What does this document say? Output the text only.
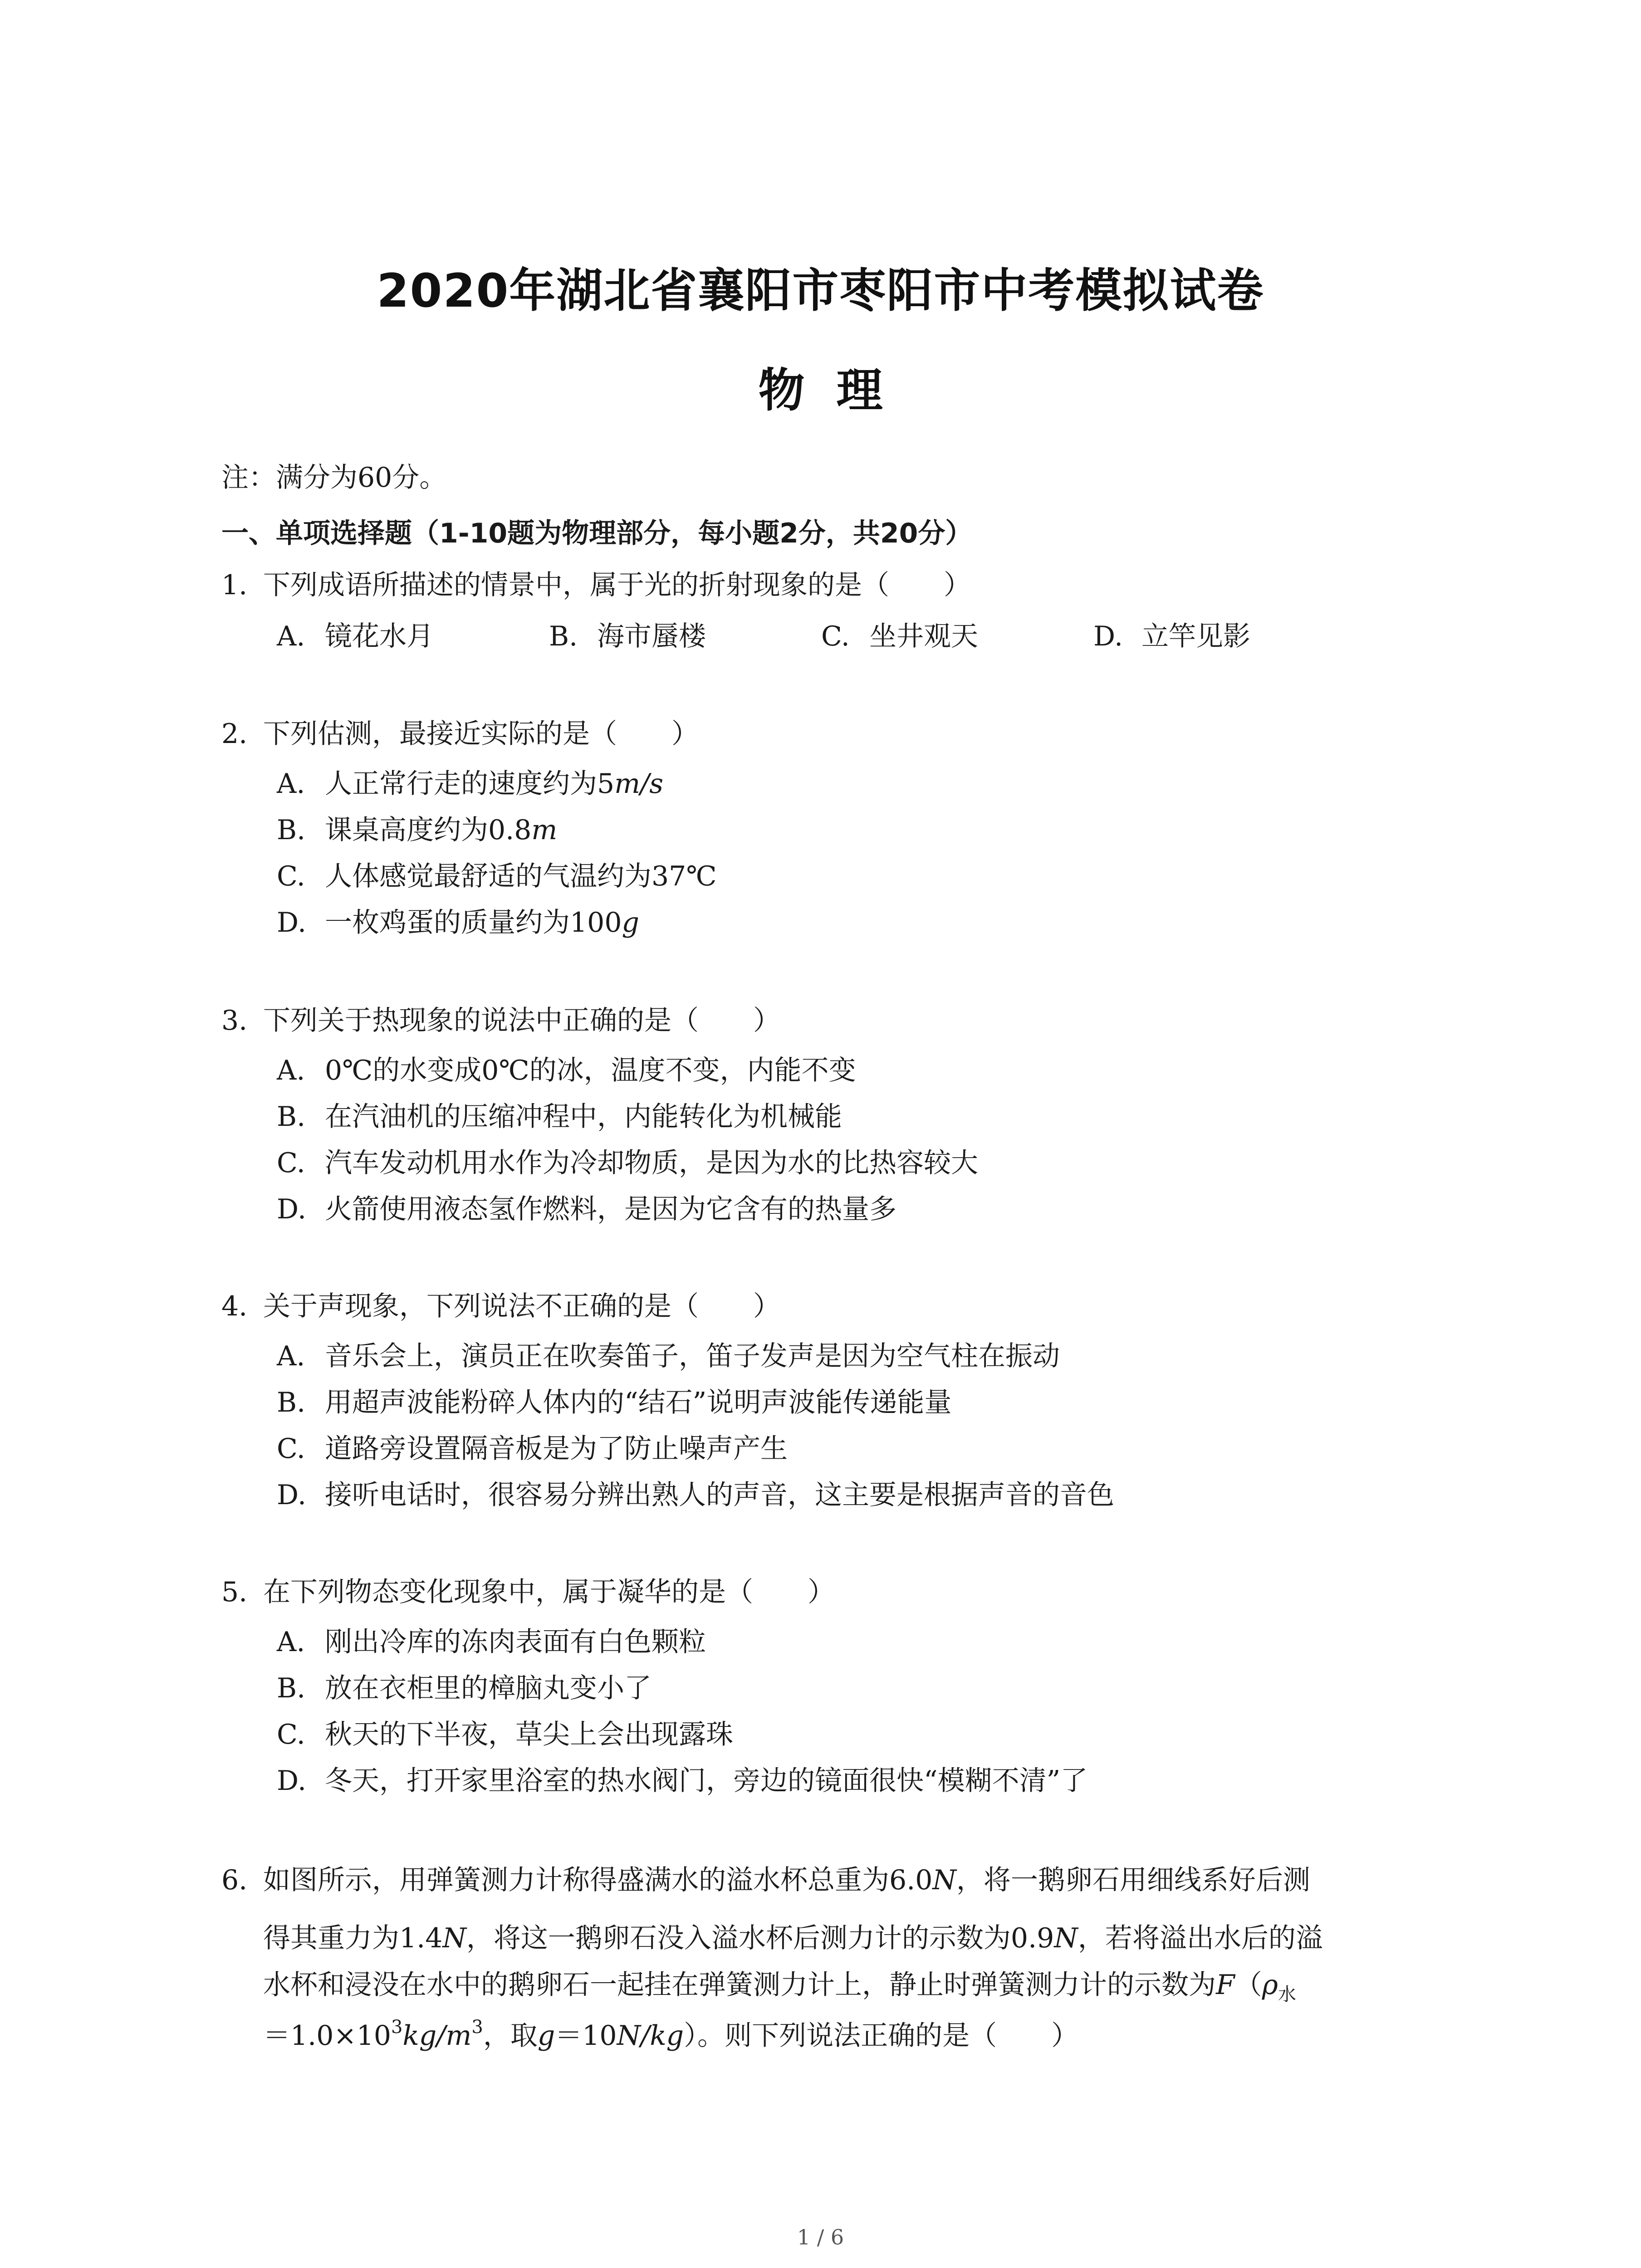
2020年湖北省襄阳市枣阳市中考模拟试卷
物理
注：满分为60分。
一、单项选择题（1-10题为物理部分，每小题2分，共20分）
1. 下列成语所描述的情景中，属于光的折射现象的是（ ）
A. 镜花水月	B. 海市蜃楼	C. 坐井观天	D. 立竿见影
2. 下列估测，最接近实际的是（ ）
A. 人正常行走的速度约为5m/s
B. 课桌高度约为0.8m
C. 人体感觉最舒适的气温约为37℃
D. 一枚鸡蛋的质量约为100g
3. 下列关于热现象的说法中正确的是（ ）
A. 0℃的水变成0℃的冰，温度不变，内能不变
B. 在汽油机的压缩冲程中，内能转化为机械能
C. 汽车发动机用水作为冷却物质，是因为水的比热容较大
D. 火箭使用液态氢作燃料，是因为它含有的热量多
4. 关于声现象，下列说法不正确的是（ ）
A. 音乐会上，演员正在吹奏笛子，笛子发声是因为空气柱在振动
B. 用超声波能粉碎人体内的“结石”说明声波能传递能量
C. 道路旁设置隔音板是为了防止噪声产生
D. 接听电话时，很容易分辨出熟人的声音，这主要是根据声音的音色
5. 在下列物态变化现象中，属于凝华的是（ ）
A. 刚出冷库的冻肉表面有白色颗粒
B. 放在衣柜里的樟脑丸变小了
C. 秋天的下半夜，草尖上会出现露珠
D. 冬天，打开家里浴室的热水阀门，旁边的镜面很快“模糊不清”了
6. 如图所示，用弹簧测力计称得盛满水的溢水杯总重为6.0N，将一鹅卵石用细线系好后测
得其重力为1.4N，将这一鹅卵石没入溢水杯后测力计的示数为0.9N，若将溢出水后的溢
水杯和浸没在水中的鹅卵石一起挂在弹簧测力计上，静止时弹簧测力计的示数为$F(\rho_水$
$=1.0\times 10^3kg/m^3$，取g＝10N/kg）。则下列说法正确的是（ ）
1 / 6
